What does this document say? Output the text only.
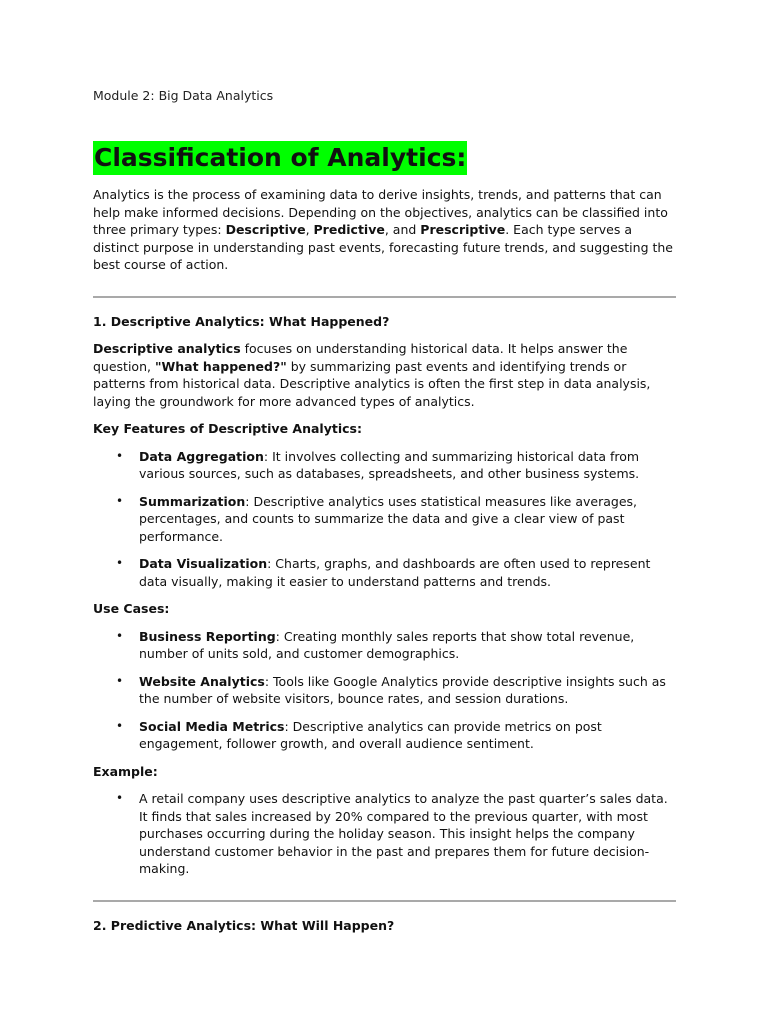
Module 2: Big Data Analytics
Classification of Analytics:

Analytics is the process of examining data to derive insights, trends, and patterns that can help make informed decisions. Depending on the objectives, analytics can be classified into three primary types: Descriptive, Predictive, and Prescriptive. Each type serves a distinct purpose in understanding past events, forecasting future trends, and suggesting the best course of action.

1. Descriptive Analytics: What Happened?

Descriptive analytics focuses on understanding historical data. It helps answer the question, "What happened?" by summarizing past events and identifying trends or patterns from historical data. Descriptive analytics is often the first step in data analysis, laying the groundwork for more advanced types of analytics.

Key Features of Descriptive Analytics:
• Data Aggregation: It involves collecting and summarizing historical data from various sources, such as databases, spreadsheets, and other business systems.
• Summarization: Descriptive analytics uses statistical measures like averages, percentages, and counts to summarize the data and give a clear view of past performance.
• Data Visualization: Charts, graphs, and dashboards are often used to represent data visually, making it easier to understand patterns and trends.
Use Cases:
• Business Reporting: Creating monthly sales reports that show total revenue, number of units sold, and customer demographics.
• Website Analytics: Tools like Google Analytics provide descriptive insights such as the number of website visitors, bounce rates, and session durations.
• Social Media Metrics: Descriptive analytics can provide metrics on post engagement, follower growth, and overall audience sentiment.
Example:
• A retail company uses descriptive analytics to analyze the past quarter’s sales data. It finds that sales increased by 20% compared to the previous quarter, with most purchases occurring during the holiday season. This insight helps the company understand customer behavior in the past and prepares them for future decision-making.
2. Predictive Analytics: What Will Happen?
